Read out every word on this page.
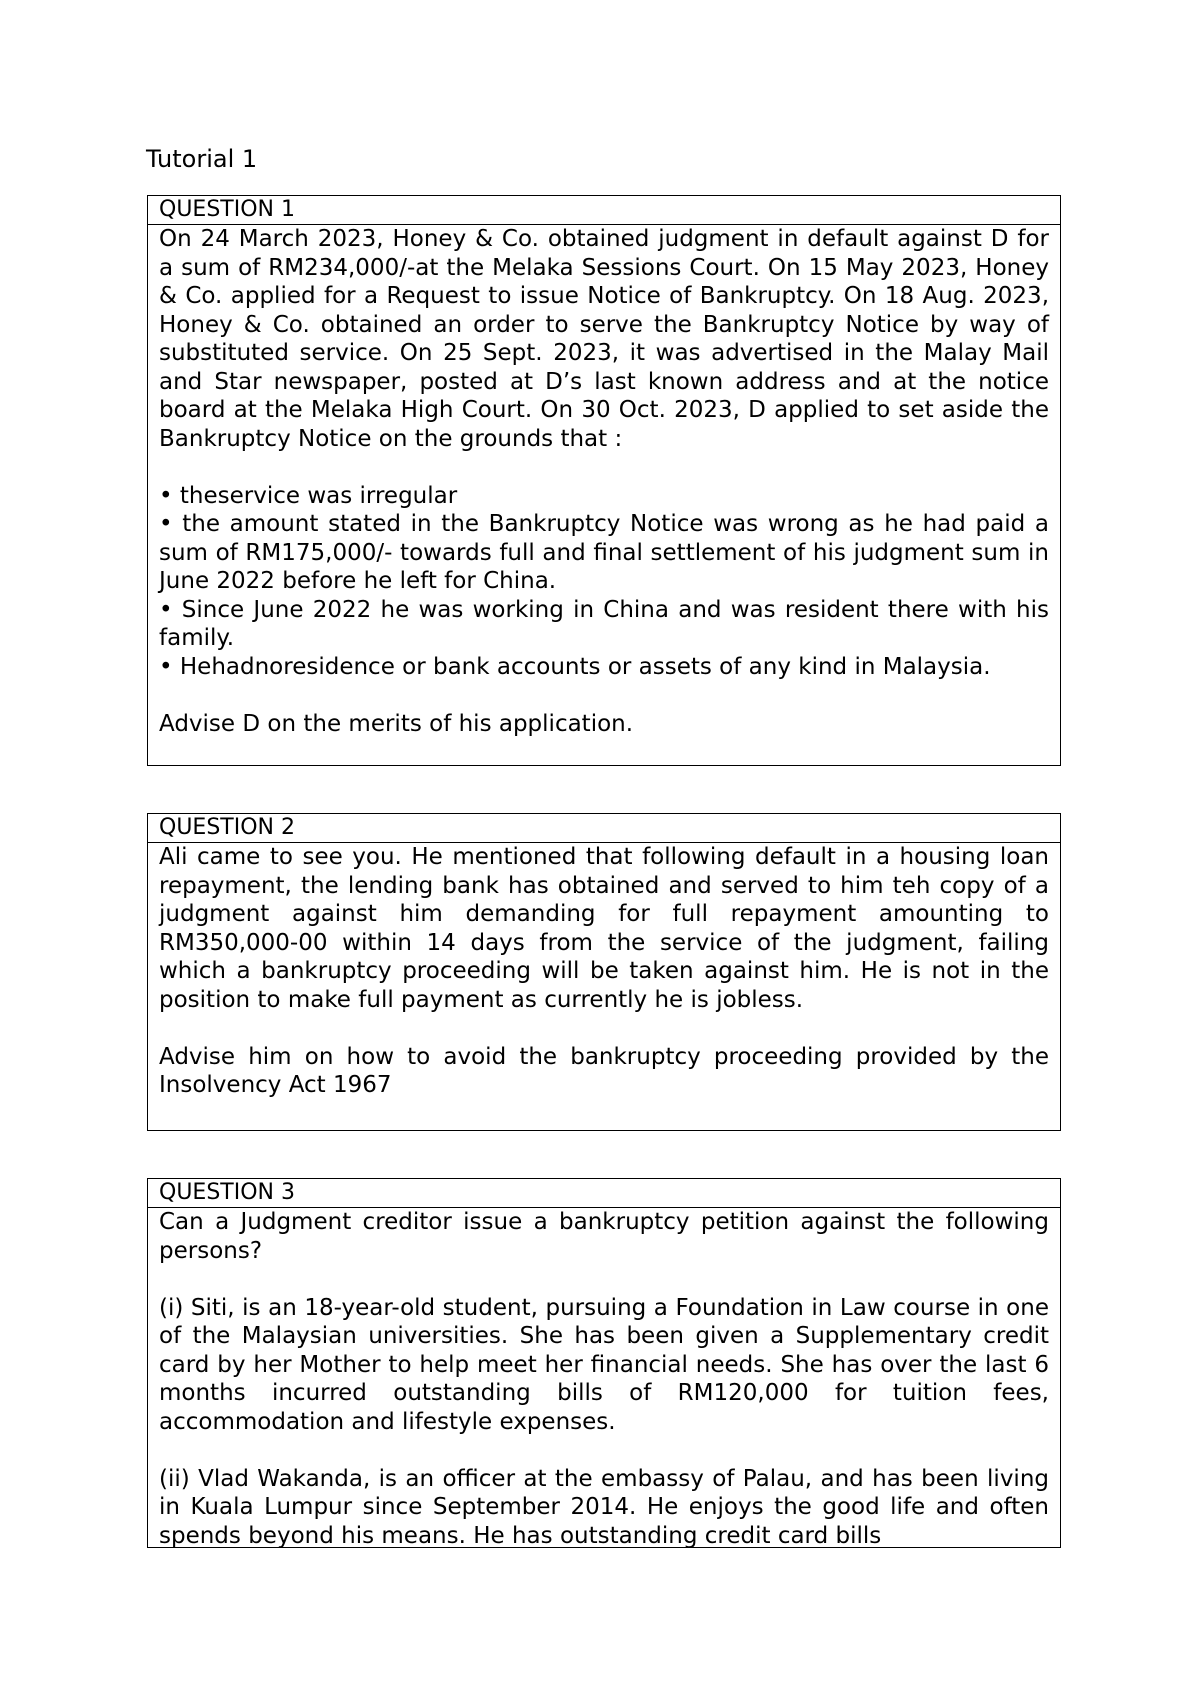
Tutorial 1
QUESTION 1

On 24 March 2023, Honey & Co. obtained judgment in default against D for a sum of RM234,000/-at the Melaka Sessions Court. On 15 May 2023, Honey & Co. applied for a Request to issue Notice of Bankruptcy. On 18 Aug. 2023, Honey & Co. obtained an order to serve the Bankruptcy Notice by way of substituted service. On 25 Sept. 2023, it was advertised in the Malay Mail and Star newspaper, posted at D’s last known address and at the notice board at the Melaka High Court. On 30 Oct. 2023, D applied to set aside the Bankruptcy Notice on the grounds that :

• theservice was irregular

• the amount stated in the Bankruptcy Notice was wrong as he had paid a sum of RM175,000/- towards full and final settlement of his judgment sum in June 2022 before he left for China.

• Since June 2022 he was working in China and was resident there with his family.

• Hehadnoresidence or bank accounts or assets of any kind in Malaysia.

Advise D on the merits of his application.

QUESTION 2

Ali came to see you. He mentioned that following default in a housing loan repayment, the lending bank has obtained and served to him teh copy of a judgment against him demanding for full repayment amounting to RM350,000-00 within 14 days from the service of the judgment, failing which a bankruptcy proceeding will be taken against him. He is not in the position to make full payment as currently he is jobless.

Advise him on how to avoid the bankruptcy proceeding provided by the Insolvency Act 1967

QUESTION 3

Can a Judgment creditor issue a bankruptcy petition against the following persons?

(i) Siti, is an 18-year-old student, pursuing a Foundation in Law course in one of the Malaysian universities. She has been given a Supplementary credit card by her Mother to help meet her financial needs. She has over the last 6 months incurred outstanding bills of RM120,000 for tuition fees, accommodation and lifestyle expenses.

(ii) Vlad Wakanda, is an officer at the embassy of Palau, and has been living in Kuala Lumpur since September 2014. He enjoys the good life and often spends beyond his means. He has outstanding credit card bills
